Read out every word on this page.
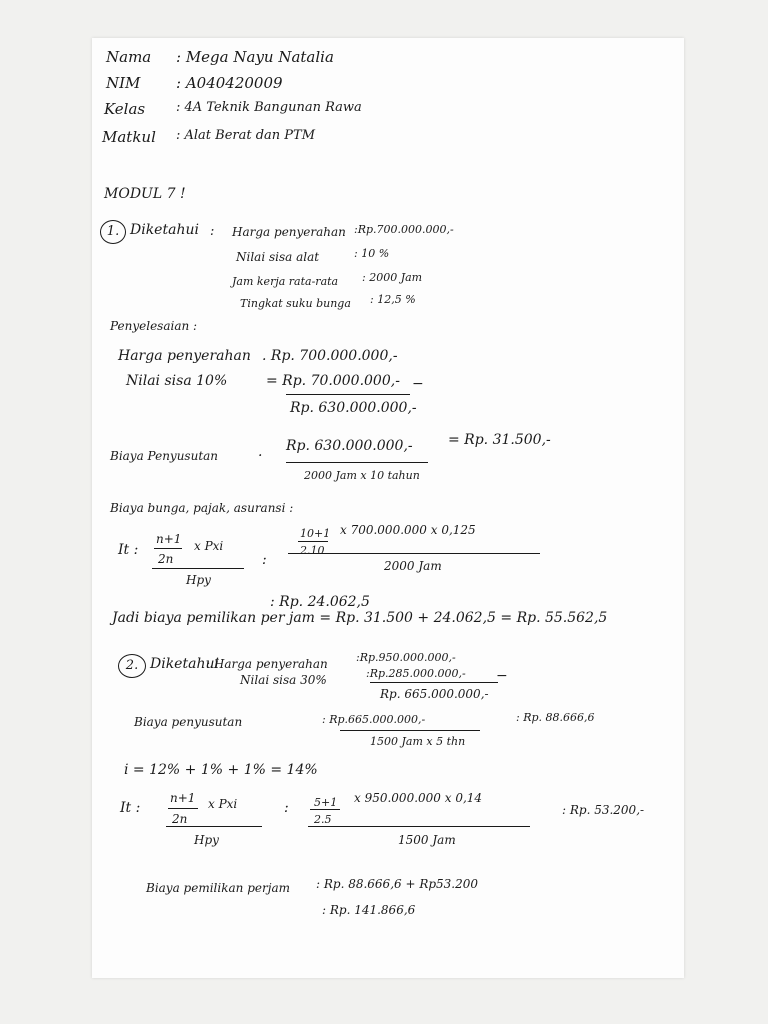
Nama : Mega Nayu Natalia
NIM : A040420009
Kelas : 4A Teknik Bangunan Rawa
Matkul : Alat Berat dan PTM
MODUL 7 !
1. Diketahui : Harga penyerahan :Rp.700.000.000,-
Nilai sisa alat	: 10 %
Jam kerja rata-rata : 2000 Jam
Tingkat suku bunga : 12,5 %
Penyelesaian :
Harga penyerahan . Rp. 700.000.000,-
Nilai sisa 10%	= Rp. 70.000.000,- −
Rp. 630.000.000,-
Biaya Penyusutan	. Rp. 630.000.000,-
2000 Jam x 10 tahun
= Rp. 31.500,-
Biaya bunga, pajak, asuransi :
It :
n+1
2n
x Pxi
Hpy
:
10+1
2.10
x 700.000.000 x 0,125
2000 Jam
: Rp. 24.062,5
Jadi biaya pemilikan per jam = Rp. 31.500 + 24.062,5 = Rp. 55.562,5
2. Diketahui
: Harga penyerahan	:Rp.950.000.000,-
Nilai sisa 30%	:Rp.285.000.000,- −
Rp. 665.000.000,-
Biaya penyusutan	: Rp.665.000.000,-
1500 Jam x 5 thn
: Rp. 88.666,6
i = 12% + 1% + 1% = 14%
It :
n+1
2n
x Pxi
Hpy
: 5+1
2.5
x 950.000.000 x 0,14
1500 Jam
: Rp. 53.200,-
Biaya pemilikan perjam : Rp. 88.666,6 + Rp53.200
: Rp. 141.866,6
